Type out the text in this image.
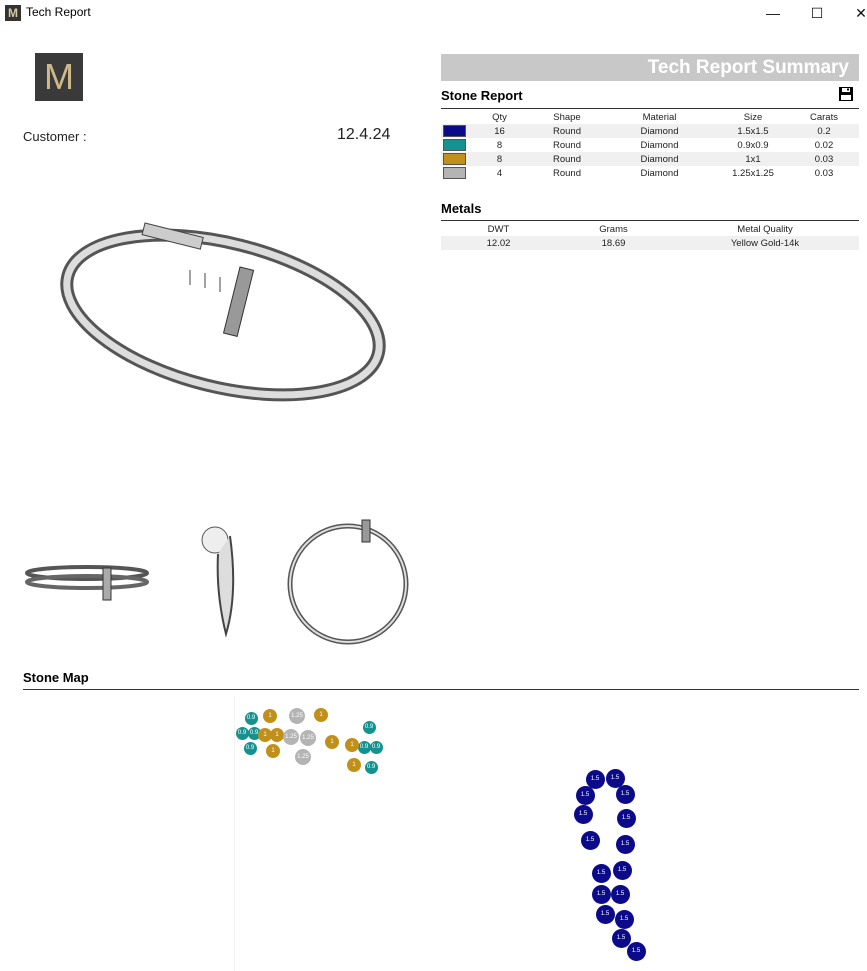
M Tech Report	—	☐	✕
M
Customer :	12.4.24
Tech Report Summary
Stone Report
	Qty	Shape	Material	Size	Carats

	16	Round	Diamond	1.5x1.5	0.2

	8	Round	Diamond	0.9x0.9	0.02

	8	Round	Diamond	1x1	0.03

	4	Round	Diamond	1.25x1.25	0.03
Metals
DWT	Grams	Metal Quality
12.02	18.69	Yellow Gold-14k
Stone Map
0.9
0.9 0.9
0.9
0.9
0.9 0.9
0.9
1
1	1
1
1
1	1
1
1.25
1.25 1.25
1.25
1.5	1.5
1.5	1.5
1.5
1.5
1.5
1.5
1.5	1.5
1.5	1.5
1.5
1.5
1.5
1.5
